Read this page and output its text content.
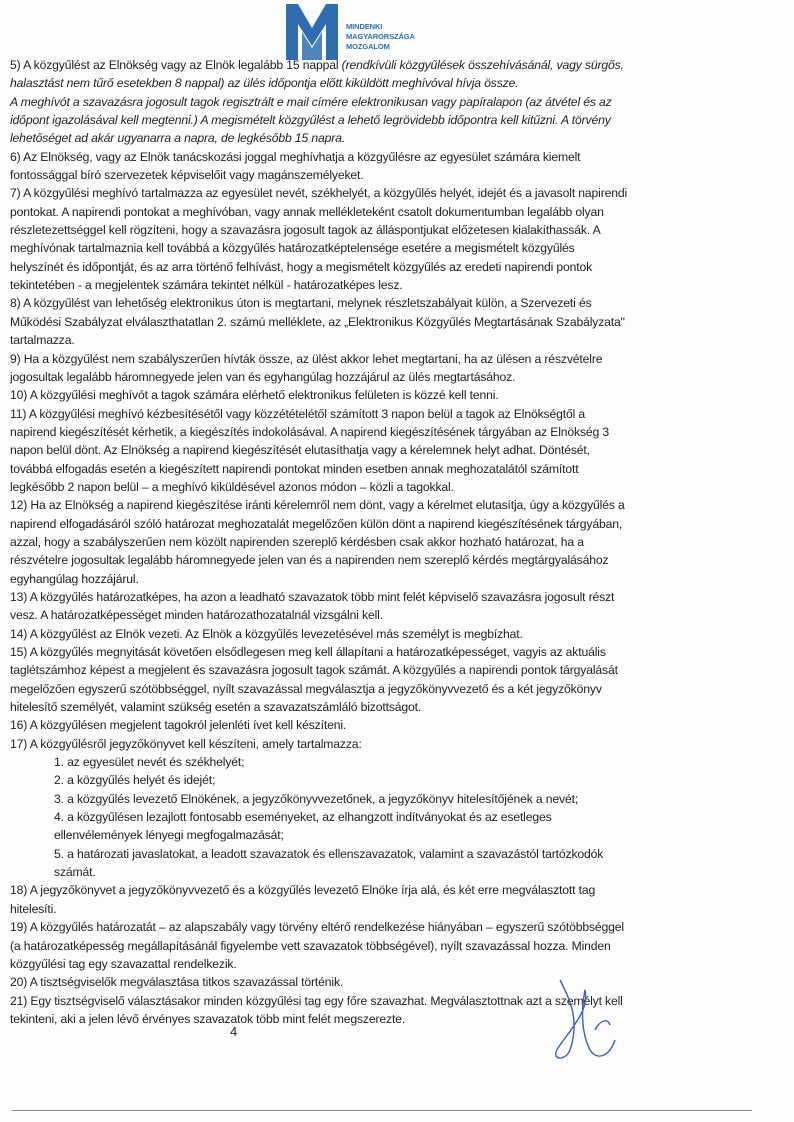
MINDENKI
MAGYARORSZÁGA
MOZGALOM
5) A közgyűlést az Elnökség vagy az Elnök legalább 15 nappal (rendkívüli közgyűlések összehívásánál, vagy sürgős,
halasztást nem tűrő esetekben 8 nappal) az ülés időpontja előtt kiküldött meghívóval hívja össze.
A meghívót a szavazásra jogosult tagok regisztrált e mail címére elektronikusan vagy papíralapon (az átvétel és az
időpont igazolásával kell megtenni.) A megismételt közgyűlést a lehető legrövidebb időpontra kell kitűzni. A törvény
lehetőséget ad akár ugyanarra a napra, de legkésőbb 15 napra.
6) Az Elnökség, vagy az Elnök tanácskozási joggal meghívhatja a közgyűlésre az egyesület számára kiemelt
fontossággal bíró szervezetek képviselőit vagy magánszemélyeket.
7) A közgyűlési meghívó tartalmazza az egyesület nevét, székhelyét, a közgyűlés helyét, idejét és a javasolt napirendi
pontokat. A napirendi pontokat a meghívóban, vagy annak mellékleteként csatolt dokumentumban legalább olyan
részletezettséggel kell rögzíteni, hogy a szavazásra jogosult tagok az álláspontjukat előzetesen kialakíthassák. A
meghívónak tartalmaznia kell továbbá a közgyűlés határozatképtelensége esetére a megismételt közgyűlés
helyszínét és időpontját, és az arra történő felhívást, hogy a megismételt közgyűlés az eredeti napirendi pontok
tekintetében - a megjelentek számára tekintet nélkül - határozatképes lesz.
8) A közgyűlést van lehetőség elektronikus úton is megtartani, melynek részletszabályait külön, a Szervezeti és
Működési Szabályzat elválaszthatatlan 2. számú melléklete, az „Elektronikus Közgyűlés Megtartásának Szabályzata"
tartalmazza.
9) Ha a közgyűlést nem szabályszerűen hívták össze, az ülést akkor lehet megtartani, ha az ülésen a részvételre
jogosultak legalább háromnegyede jelen van és egyhangúlag hozzájárul az ülés megtartásához.
10) A közgyűlési meghívót a tagok számára elérhető elektronikus felületen is közzé kell tenni.
11) A közgyűlési meghívó kézbesítésétől vagy közzétételétől számított 3 napon belül a tagok az Elnökségtől a
napirend kiegészítését kérhetik, a kiegészítés indokolásával. A napirend kiegészítésének tárgyában az Elnökség 3
napon belül dönt. Az Elnökség a napirend kiegészítését elutasíthatja vagy a kérelemnek helyt adhat. Döntését,
továbbá elfogadás esetén a kiegészített napirendi pontokat minden esetben annak meghozatalától számított
legkésőbb 2 napon belül – a meghívó kiküldésével azonos módon – közli a tagokkal.
12) Ha az Elnökség a napirend kiegészítése iránti kérelemről nem dönt, vagy a kérelmet elutasítja, úgy a közgyűlés a
napirend elfogadásáról szóló határozat meghozatalát megelőzően külön dönt a napirend kiegészítésének tárgyában,
azzal, hogy a szabályszerűen nem közölt napirenden szereplő kérdésben csak akkor hozható határozat, ha a
részvételre jogosultak legalább háromnegyede jelen van és a napirenden nem szereplő kérdés megtárgyalásához
egyhangúlag hozzájárul.
13) A közgyűlés határozatképes, ha azon a leadható szavazatok több mint felét képviselő szavazásra jogosult részt
vesz. A határozatképességet minden határozathozatalnál vizsgálni kell.
14) A közgyűlést az Elnök vezeti. Az Elnök a közgyűlés levezetésével más személyt is megbízhat.
15) A közgyűlés megnyitását követően elsődlegesen meg kell állapítani a határozatképességet, vagyis az aktuális
taglétszámhoz képest a megjelent és szavazásra jogosult tagok számát. A közgyűlés a napirendi pontok tárgyalását
megelőzően egyszerű szótöbbséggel, nyílt szavazással megválasztja a jegyzőkönyvvezető és a két jegyzőkönyv
hitelesítő személyét, valamint szükség esetén a szavazatszámláló bizottságot.
16) A közgyűlésen megjelent tagokról jelenléti ívet kell készíteni.
17) A közgyűlésről jegyzőkönyvet kell készíteni, amely tartalmazza:
1. az egyesület nevét és székhelyét;
2. a közgyűlés helyét és idejét;
3. a közgyűlés levezető Elnökének, a jegyzőkönyvvezetőnek, a jegyzőkönyv hitelesítőjének a nevét;
4. a közgyűlésen lezajlott fontosabb eseményeket, az elhangzott indítványokat és az esetleges
ellenvélemények lényegi megfogalmazását;
5. a határozati javaslatokat, a leadott szavazatok és ellenszavazatok, valamint a szavazástól tartózkodók
számát.
18) A jegyzőkönyvet a jegyzőkönyvvezető és a közgyűlés levezető Elnöke írja alá, és két erre megválasztott tag
hitelesíti.
19) A közgyűlés határozatát – az alapszabály vagy törvény eltérő rendelkezése hiányában – egyszerű szótöbbséggel
(a határozatképesség megállapításánál figyelembe vett szavazatok többségével), nyílt szavazással hozza. Minden
közgyűlési tag egy szavazattal rendelkezik.
20) A tisztségviselők megválasztása titkos szavazással történik.
21) Egy tisztségviselő választásakor minden közgyűlési tag egy főre szavazhat. Megválasztottnak azt a személyt kell
tekinteni, aki a jelen lévő érvényes szavazatok több mint felét megszerezte.
4
